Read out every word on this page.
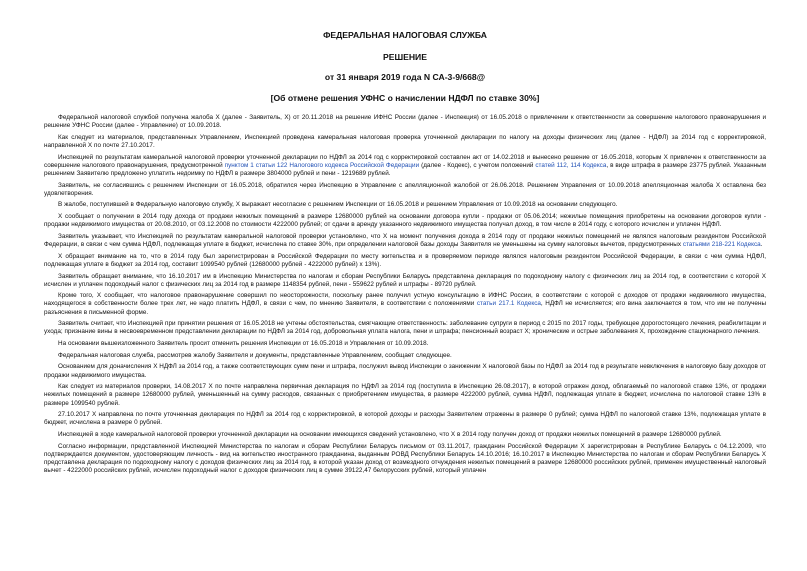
ФЕДЕРАЛЬНАЯ НАЛОГОВАЯ СЛУЖБА
РЕШЕНИЕ
от 31 января 2019 года N СА-3-9/668@
[Об отмене решения УФНС о начислении НДФЛ по ставке 30%]

Федеральной налоговой службой получена жалоба X (далее - Заявитель, X) от 20.11.2018 на решение ИФНС России (далее - Инспекция) от 16.05.2018 о привлечении к ответственности за совершение налогового правонарушения и решение УФНС России (далее - Управление) от 10.09.2018.

Как следует из материалов, представленных Управлением, Инспекцией проведена камеральная налоговая проверка уточненной декларации по налогу на доходы физических лиц (далее - НДФЛ) за 2014 год с корректировкой, направленной X по почте 27.10.2017.

Инспекцией по результатам камеральной налоговой проверки уточненной декларации по НДФЛ за 2014 год с корректировкой составлен акт от 14.02.2018 и вынесено решение от 16.05.2018, которым X привлечен к ответственности за совершение налогового правонарушения, предусмотренной пунктом 1 статьи 122 Налогового кодекса Российской Федерации (далее - Кодекс), с учетом положений статей 112, 114 Кодекса, в виде штрафа в размере 23775 рублей. Указанным решением Заявителю предложено уплатить недоимку по НДФЛ в размере 3804000 рублей и пени - 1219689 рублей.

Заявитель, не согласившись с решением Инспекции от 16.05.2018, обратился через Инспекцию в Управление с апелляционной жалобой от 26.06.2018. Решением Управления от 10.09.2018 апелляционная жалоба X оставлена без удовлетворения.

В жалобе, поступившей в Федеральную налоговую службу, X выражает несогласие с решением Инспекции от 16.05.2018 и решением Управления от 10.09.2018 на основании следующего.

X сообщает о получении в 2014 году дохода от продажи нежилых помещений в размере 12680000 рублей на основании договора купли - продажи от 05.06.2014; нежилые помещения приобретены на основании договоров купли - продажи недвижимого имущества от 20.08.2010, от 03.12.2008 по стоимости 4222000 рублей; от сдачи в аренду указанного недвижимого имущества получал доход, в том числе в 2014 году, с которого исчислен и уплачен НДФЛ.

Заявитель указывает, что Инспекцией по результатам камеральной налоговой проверки установлено, что X на момент получения дохода в 2014 году от продажи нежилых помещений не являлся налоговым резидентом Российской Федерации, в связи с чем сумма НДФЛ, подлежащая уплате в бюджет, исчислена по ставке 30%, при определении налоговой базы доходы Заявителя не уменьшены на сумму налоговых вычетов, предусмотренных статьями 218-221 Кодекса.

X обращает внимание на то, что в 2014 году был зарегистрирован в Российской Федерации по месту жительства и в проверяемом периоде являлся налоговым резидентом Российской Федерации, в связи с чем сумма НДФЛ, подлежащая уплате в бюджет за 2014 год, составит 1099540 рублей (12680000 рублей - 4222000 рублей) x 13%).

Заявитель обращает внимание, что 16.10.2017 им в Инспекцию Министерства по налогам и сборам Республики Беларусь представлена декларация по подоходному налогу с физических лиц за 2014 год, в соответствии с которой X исчислен и уплачен подоходный налог с физических лиц за 2014 год в размере 1148354 рублей, пени - 559622 рублей и штрафы - 89720 рублей.

Кроме того, X сообщает, что налоговое правонарушение совершил по неосторожности, поскольку ранее получил устную консультацию в ИФНС России, в соответствии с которой с доходов от продажи недвижимого имущества, находящегося в собственности более трех лет, не надо платить НДФЛ, в связи с чем, по мнению Заявителя, в соответствии с положениями статьи 217.1 Кодекса, НДФЛ не исчисляется; его вина заключается в том, что им не получены разъяснения в письменной форме.

Заявитель считает, что Инспекцией при принятии решения от 16.05.2018 не учтены обстоятельства, смягчающие ответственность: заболевание супруги в период с 2015 по 2017 годы, требующее дорогостоящего лечения, реабилитации и ухода; признание вины в несвоевременном представлении декларации по НДФЛ за 2014 год, добровольная уплата налога, пени и штрафа; пенсионный возраст X; хронические и острые заболевания X, прохождение стационарного лечения.

На основании вышеизложенного Заявитель просит отменить решения Инспекции от 16.05.2018 и Управления от 10.09.2018.

Федеральная налоговая служба, рассмотрев жалобу Заявителя и документы, представленные Управлением, сообщает следующее.

Основанием для доначисления X НДФЛ за 2014 год, а также соответствующих сумм пени и штрафа, послужил вывод Инспекции о занижении X налоговой базы по НДФЛ за 2014 год в результате невключения в налоговую базу доходов от продажи недвижимого имущества.

Как следует из материалов проверки, 14.08.2017 X по почте направлена первичная декларация по НДФЛ за 2014 год (поступила в Инспекцию 26.08.2017), в которой отражен доход, облагаемый по налоговой ставке 13%, от продажи нежилых помещений в размере 12680000 рублей, уменьшенный на сумму расходов, связанных с приобретением имущества, в размере 4222000 рублей, сумма НДФЛ, подлежащая уплате в бюджет, исчислена по налоговой ставке 13% в размере 1099540 рублей.

27.10.2017 X направлена по почте уточненная декларация по НДФЛ за 2014 год с корректировкой, в которой доходы и расходы Заявителем отражены в размере 0 рублей; сумма НДФЛ по налоговой ставке 13%, подлежащая уплате в бюджет, исчислена в размере 0 рублей.

Инспекцией в ходе камеральной налоговой проверки уточненной декларации на основании имеющихся сведений установлено, что X в 2014 году получен доход от продажи нежилых помещений в размере 12680000 рублей.

Согласно информации, представленной Инспекцией Министерства по налогам и сборам Республики Беларусь письмом от 03.11.2017, гражданин Российской Федерации X зарегистрирован в Республике Беларусь с 04.12.2009, что подтверждается документом, удостоверяющим личность - вид на жительство иностранного гражданина, выданным РОВД Республики Беларусь 14.10.2016; 16.10.2017 в Инспекцию Министерства по налогам и сборам Республики Беларусь X представлена декларация по подоходному налогу с доходов физических лиц за 2014 год, в которой указан доход от возмездного отчуждения нежилых помещений в размере 12680000 российских рублей, применен имущественный налоговый вычет - 4222000 российских рублей, исчислен подоходный налог с доходов физических лиц в сумме 39122,47 белорусских рублей, который уплачен
